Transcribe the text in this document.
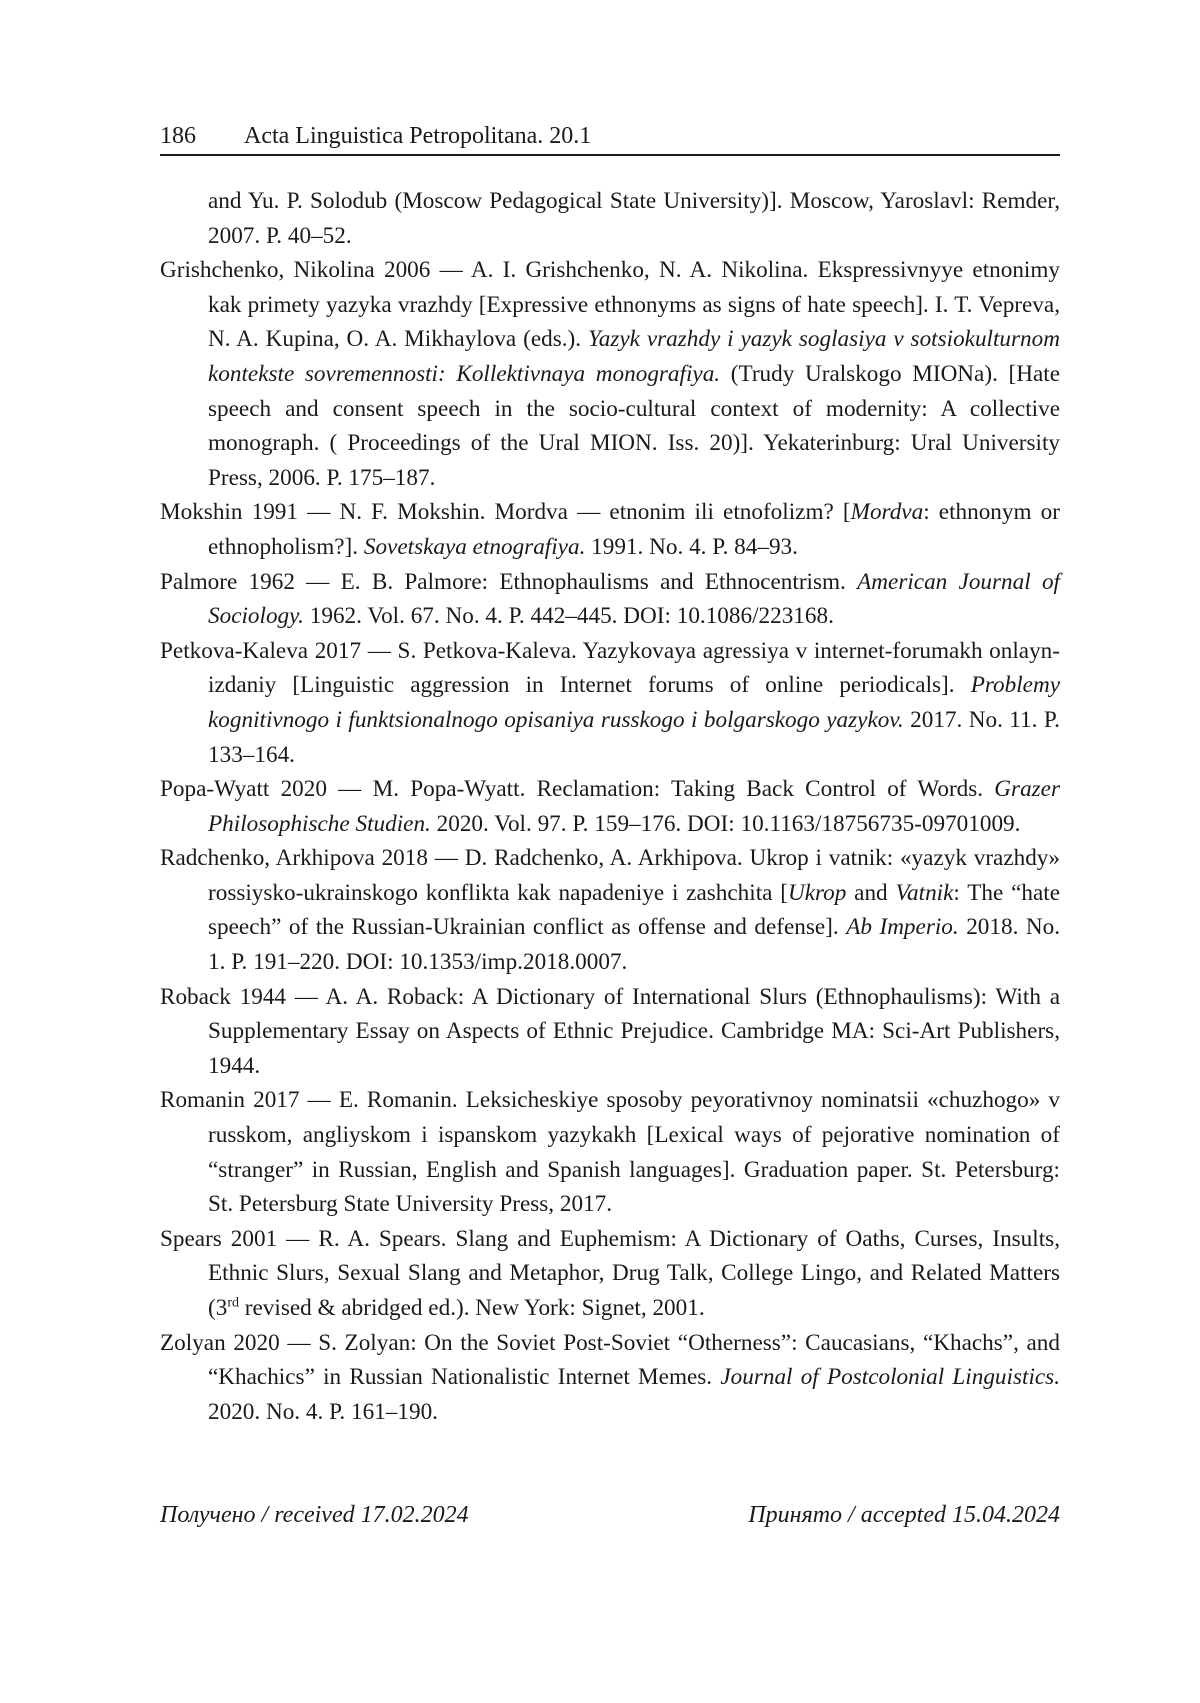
186 Acta Linguistica Petropolitana. 20.1

and Yu. P. Solodub (Moscow Pedagogical State University)]. Moscow, Yaroslavl: Remder, 2007. P. 40–52.

Grishchenko, Nikolina 2006 — A. I. Grishchenko, N. A. Nikolina. Ekspressivnyye etnonimy kak primety yazyka vrazhdy [Expressive ethnonyms as signs of hate speech]. I. T. Vepreva, N. A. Kupina, O. A. Mikhaylova (eds.). Yazyk vrazhdy i yazyk soglasiya v sotsiokulturnom kontekste sovremennosti: Kollektivnaya monografiya. (Trudy Uralskogo MIONa). [Hate speech and consent speech in the socio-cultural context of modernity: A collective monograph. ( Proceedings of the Ural MION. Iss. 20)]. Yekaterinburg: Ural University Press, 2006. P. 175–187.

Mokshin 1991 — N. F. Mokshin. Mordva — etnonim ili etnofolizm? [Mordva: ethnonym or ethnopholism?]. Sovetskaya etnografiya. 1991. No. 4. P. 84–93.

Palmore 1962 — E. B. Palmore: Ethnophaulisms and Ethnocentrism. American Journal of Sociology. 1962. Vol. 67. No. 4. P. 442–445. DOI: 10.1086/223168.

Petkova-Kaleva 2017 — S. Petkova-Kaleva. Yazykovaya agressiya v internet-forumakh onlayn-izdaniy [Linguistic aggression in Internet forums of online periodicals]. Problemy kognitivnogo i funktsionalnogo opisaniya russkogo i bolgarskogo yazykov. 2017. No. 11. P. 133–164.

Popa-Wyatt 2020 — M. Popa-Wyatt. Reclamation: Taking Back Control of Words. Grazer Philosophische Studien. 2020. Vol. 97. P. 159–176. DOI: 10.1163/18756735-09701009.

Radchenko, Arkhipova 2018 — D. Radchenko, A. Arkhipova. Ukrop i vatnik: «yazyk vrazhdy» rossiysko-ukrainskogo konflikta kak napadeniye i zashchita [Ukrop and Vatnik: The “hate speech” of the Russian-Ukrainian conflict as offense and defense]. Ab Imperio. 2018. No. 1. P. 191–220. DOI: 10.1353/imp.2018.0007.

Roback 1944 — A. A. Roback: A Dictionary of International Slurs (Ethnophaulisms): With a Supplementary Essay on Aspects of Ethnic Prejudice. Cambridge MA: Sci-Art Publishers, 1944.

Romanin 2017 — E. Romanin. Leksicheskiye sposoby peyorativnoy nominatsii «chuzhogo» v russkom, angliyskom i ispanskom yazykakh [Lexical ways of pejorative nomination of “stranger” in Russian, English and Spanish languages]. Graduation paper. St. Petersburg: St. Petersburg State University Press, 2017.

Spears 2001 — R. A. Spears. Slang and Euphemism: A Dictionary of Oaths, Curses, Insults, Ethnic Slurs, Sexual Slang and Metaphor, Drug Talk, College Lingo, and Related Matters (3rd revised & abridged ed.). New York: Signet, 2001.

Zolyan 2020 — S. Zolyan: On the Soviet Post-Soviet “Otherness”: Caucasians, “Khachs”, and “Khachics” in Russian Nationalistic Internet Memes. Journal of Postcolonial Linguistics. 2020. No. 4. P. 161–190.

Получено / received 17.02.2024	Принято / accepted 15.04.2024
